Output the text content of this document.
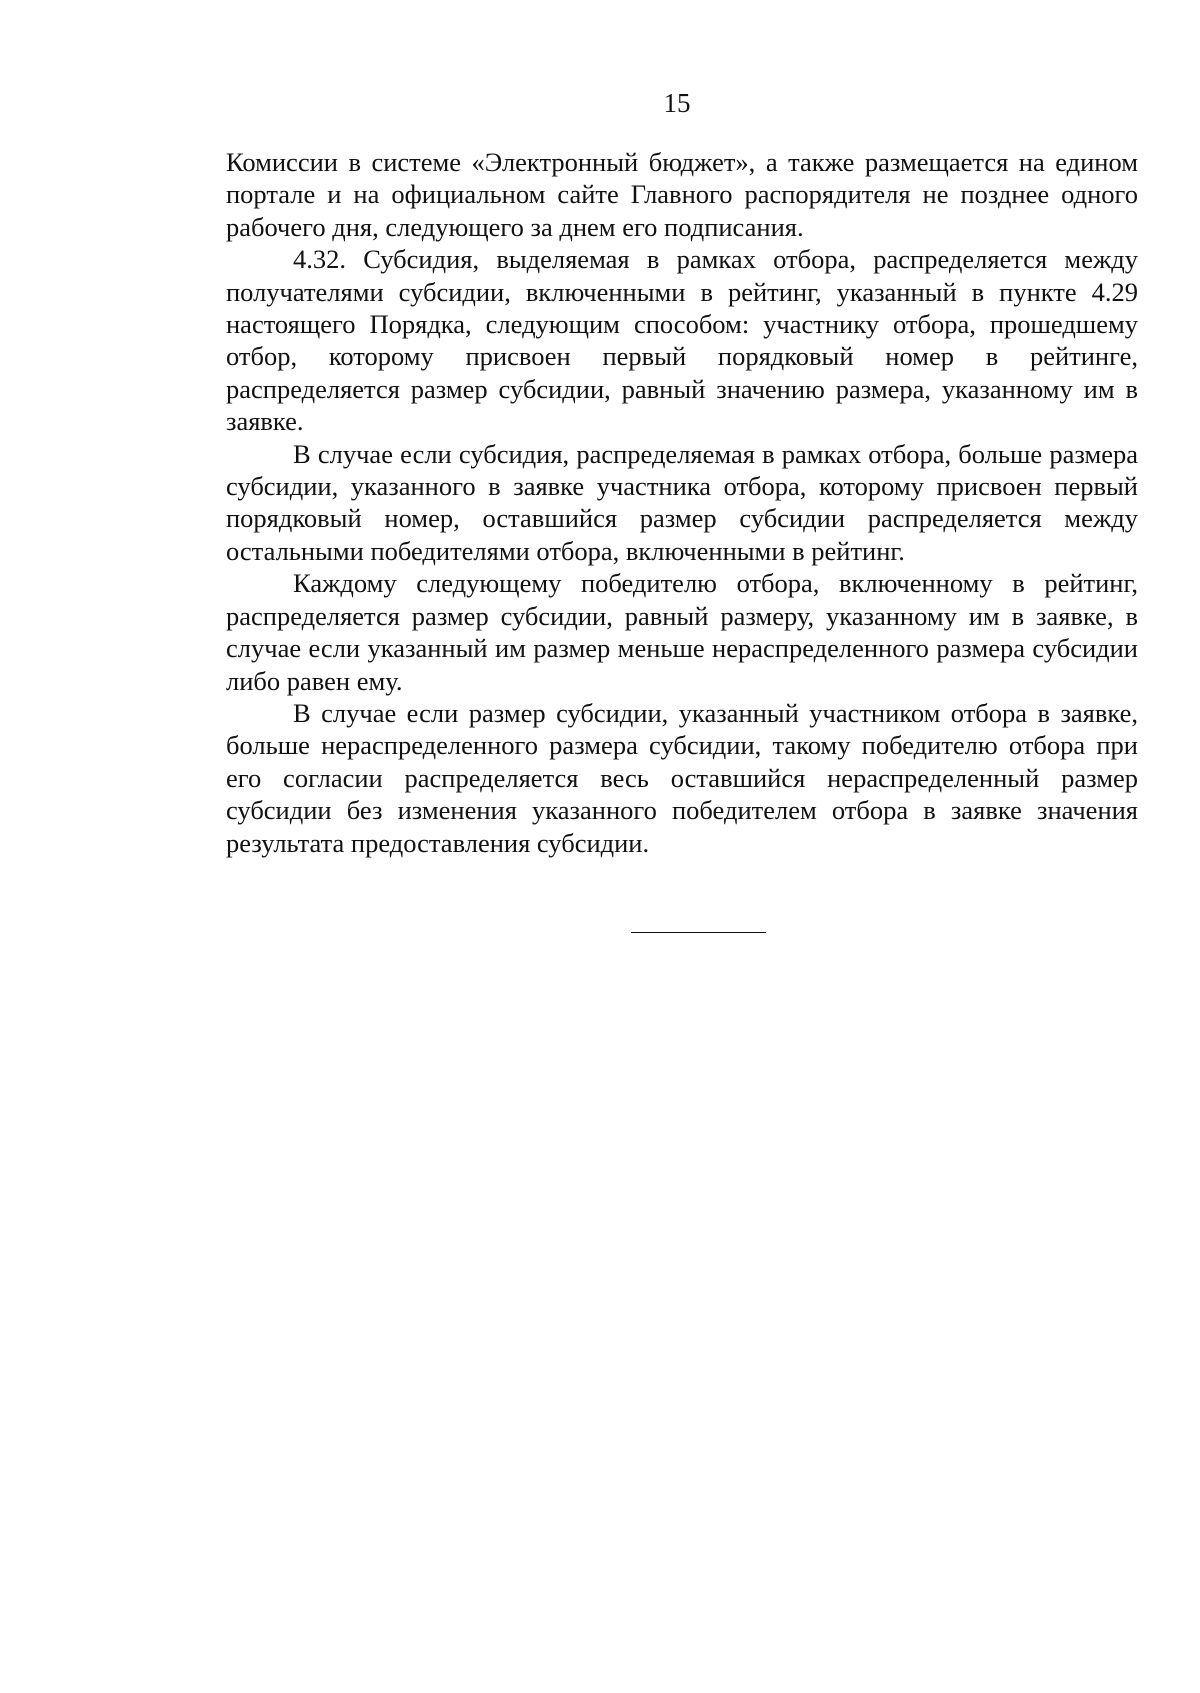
15

Комиссии в системе «Электронный бюджет», а также размещается на едином портале и на официальном сайте Главного распорядителя не позднее одного рабочего дня, следующего за днем его подписания.

4.32. Субсидия, выделяемая в рамках отбора, распределяется между получателями субсидии, включенными в рейтинг, указанный в пункте 4.29 настоящего Порядка, следующим способом: участнику отбора, прошедшему отбор, которому присвоен первый порядковый номер в рейтинге, распределяется размер субсидии, равный значению размера, указанному им в заявке.

В случае если субсидия, распределяемая в рамках отбора, больше размера субсидии, указанного в заявке участника отбора, которому присвоен первый порядковый номер, оставшийся размер субсидии распределяется между остальными победителями отбора, включенными в рейтинг.

Каждому следующему победителю отбора, включенному в рейтинг, распределяется размер субсидии, равный размеру, указанному им в заявке, в случае если указанный им размер меньше нераспределенного размера субсидии либо равен ему.

В случае если размер субсидии, указанный участником отбора в заявке, больше нераспределенного размера субсидии, такому победителю отбора при его согласии распределяется весь оставшийся нераспределенный размер субсидии без изменения указанного победителем отбора в заявке значения результата предоставления субсидии.
